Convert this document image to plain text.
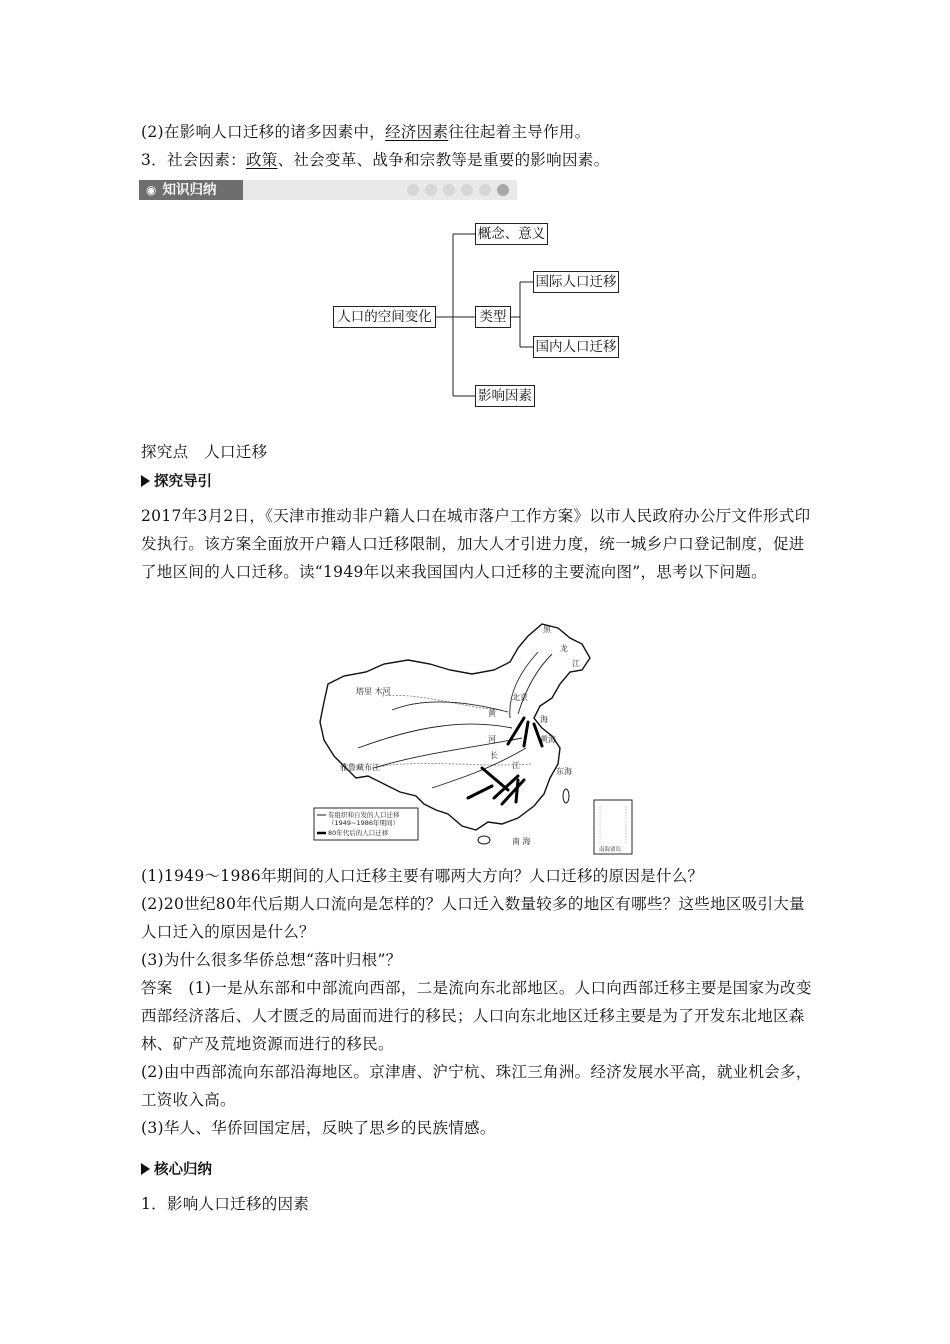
(2)在影响人口迁移的诸多因素中，经济因素往往起着主导作用。
3．社会因素：政策、社会变革、战争和宗教等是重要的影响因素。
◉ 知识归纳
人口的空间变化
概念、意义
类型
国际人口迁移
国内人口迁移
影响因素
探究点　人口迁移
探究导引
2017年3月2日，《天津市推动非户籍人口在城市落户工作方案》以市人民政府办公厅文件形式印发执行。该方案全面放开户籍人口迁移限制，加大人才引进力度，统一城乡户口登记制度，促进了地区间的人口迁移。读“1949年以来我国国内人口迁移的主要流向图”，思考以下问题。
黑
龙
江
塔里 木河
北京
黄
海
河	黄海
雅鲁藏布江
长
江
东海
南 海
有组织和自发的人口迁移
（1949~1986年期间）
80年代后的人口迁移
南海诸岛
(1)1949～1986年期间的人口迁移主要有哪两大方向？人口迁移的原因是什么？
(2)20世纪80年代后期人口流向是怎样的？人口迁入数量较多的地区有哪些？这些地区吸引大量人口迁入的原因是什么？
(3)为什么很多华侨总想“落叶归根”？
答案　(1)一是从东部和中部流向西部，二是流向东北部地区。人口向西部迁移主要是国家为改变西部经济落后、人才匮乏的局面而进行的移民；人口向东北地区迁移主要是为了开发东北地区森林、矿产及荒地资源而进行的移民。
(2)由中西部流向东部沿海地区。京津唐、沪宁杭、珠江三角洲。经济发展水平高，就业机会多，工资收入高。
(3)华人、华侨回国定居，反映了思乡的民族情感。
核心归纳
1．影响人口迁移的因素
